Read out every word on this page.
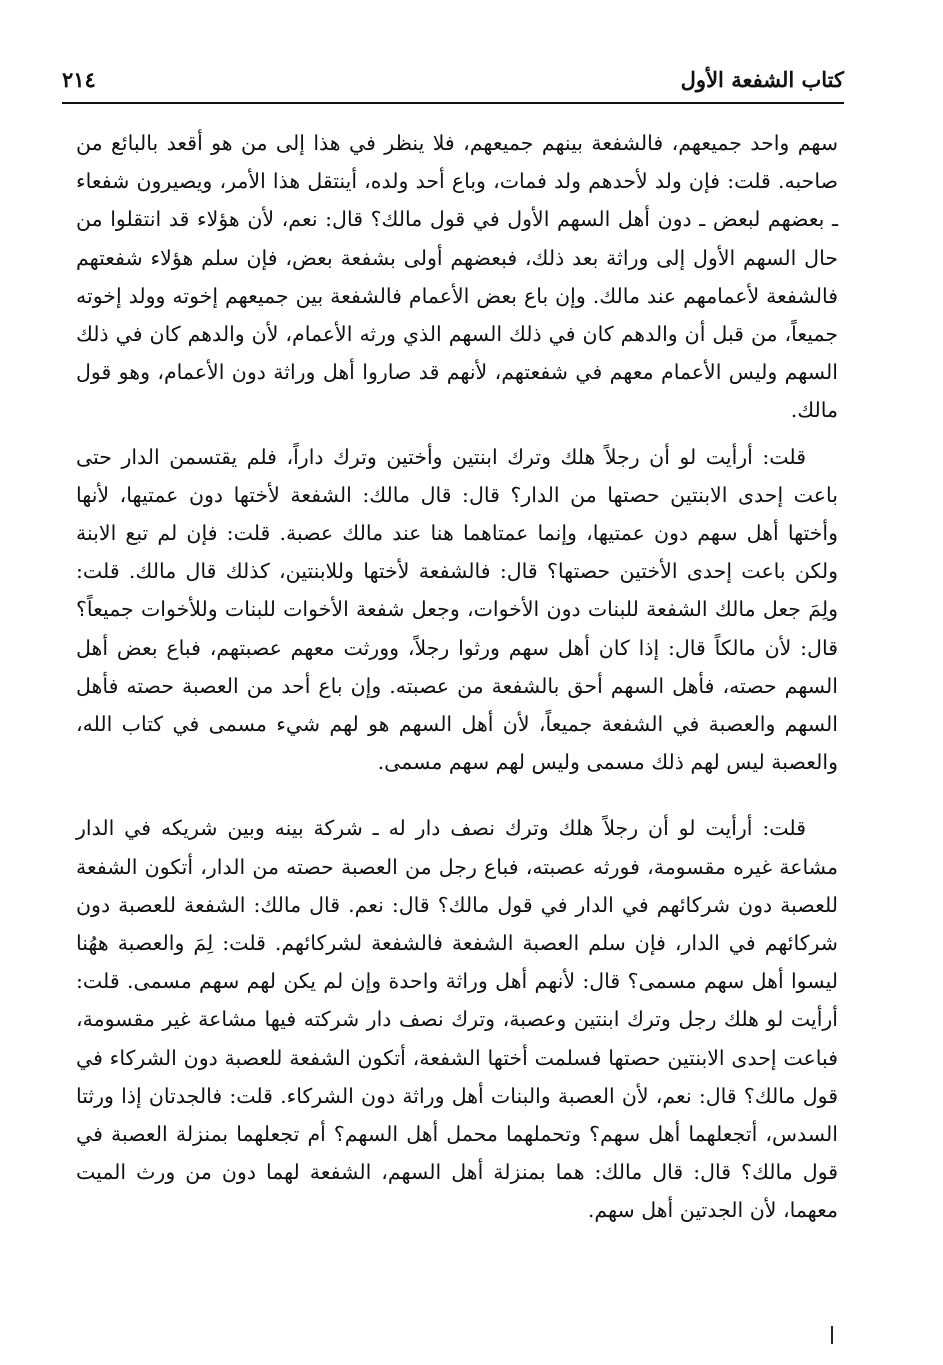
٢١٤	كتاب الشفعة الأول

سهم واحد جميعهم، فالشفعة بينهم جميعهم، فلا ينظر في هذا إلى من هو أقعد بالبائع من صاحبه. قلت: فإن ولد لأحدهم ولد فمات، وباع أحد ولده، أينتقل هذا الأمر، ويصيرون شفعاء ـ بعضهم لبعض ـ دون أهل السهم الأول في قول مالك؟ قال: نعم، لأن هؤلاء قد انتقلوا من حال السهم الأول إلى وراثة بعد ذلك، فبعضهم أولى بشفعة بعض، فإن سلم هؤلاء شفعتهم فالشفعة لأعمامهم عند مالك. وإن باع بعض الأعمام فالشفعة بين جميعهم إخوته وولد إخوته جميعاً، من قبل أن والدهم كان في ذلك السهم الذي ورثه الأعمام، لأن والدهم كان في ذلك السهم وليس الأعمام معهم في شفعتهم، لأنهم قد صاروا أهل وراثة دون الأعمام، وهو قول مالك.

قلت: أرأيت لو أن رجلاً هلك وترك ابنتين وأختين وترك داراً، فلم يقتسمن الدار حتى باعت إحدى الابنتين حصتها من الدار؟ قال: قال مالك: الشفعة لأختها دون عمتيها، لأنها وأختها أهل سهم دون عمتيها، وإنما عمتاهما هنا عند مالك عصبة. قلت: فإن لم تبع الابنة ولكن باعت إحدى الأختين حصتها؟ قال: فالشفعة لأختها وللابنتين، كذلك قال مالك. قلت: ولِمَ جعل مالك الشفعة للبنات دون الأخوات، وجعل شفعة الأخوات للبنات وللأخوات جميعاً؟ قال: لأن مالكاً قال: إذا كان أهل سهم ورثوا رجلاً، وورثت معهم عصبتهم، فباع بعض أهل السهم حصته، فأهل السهم أحق بالشفعة من عصبته. وإن باع أحد من العصبة حصته فأهل السهم والعصبة في الشفعة جميعاً، لأن أهل السهم هو لهم شيء مسمى في كتاب الله، والعصبة ليس لهم ذلك مسمى وليس لهم سهم مسمى.

قلت: أرأيت لو أن رجلاً هلك وترك نصف دار له ـ شركة بينه وبين شريكه في الدار مشاعة غيره مقسومة، فورثه عصبته، فباع رجل من العصبة حصته من الدار، أتكون الشفعة للعصبة دون شركائهم في الدار في قول مالك؟ قال: نعم. قال مالك: الشفعة للعصبة دون شركائهم في الدار، فإن سلم العصبة الشفعة فالشفعة لشركائهم. قلت: لِمَ والعصبة ههُنا ليسوا أهل سهم مسمى؟ قال: لأنهم أهل وراثة واحدة وإن لم يكن لهم سهم مسمى. قلت: أرأيت لو هلك رجل وترك ابنتين وعصبة، وترك نصف دار شركته فيها مشاعة غير مقسومة، فباعت إحدى الابنتين حصتها فسلمت أختها الشفعة، أتكون الشفعة للعصبة دون الشركاء في قول مالك؟ قال: نعم، لأن العصبة والبنات أهل وراثة دون الشركاء. قلت: فالجدتان إذا ورثتا السدس، أتجعلهما أهل سهم؟ وتحملهما محمل أهل السهم؟ أم تجعلهما بمنزلة العصبة في قول مالك؟ قال: قال مالك: هما بمنزلة أهل السهم، الشفعة لهما دون من ورث الميت معهما، لأن الجدتين أهل سهم.
